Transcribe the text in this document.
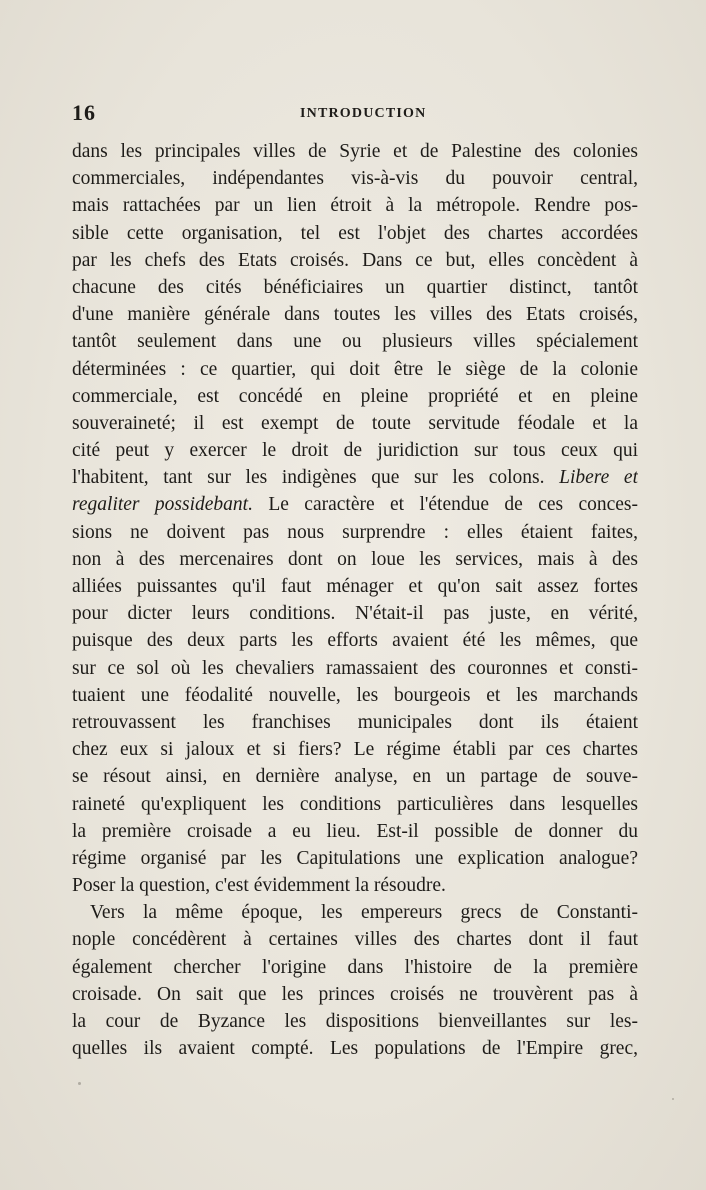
16	INTRODUCTION
dans les principales villes de Syrie et de Palestine des colonies
commerciales, indépendantes vis-à-vis du pouvoir central,
mais rattachées par un lien étroit à la métropole. Rendre pos-
sible cette organisation, tel est l'objet des chartes accordées
par les chefs des Etats croisés. Dans ce but, elles concèdent à
chacune des cités bénéficiaires un quartier distinct, tantôt
d'une manière générale dans toutes les villes des Etats croisés,
tantôt seulement dans une ou plusieurs villes spécialement
déterminées : ce quartier, qui doit être le siège de la colonie
commerciale, est concédé en pleine propriété et en pleine
souveraineté; il est exempt de toute servitude féodale et la
cité peut y exercer le droit de juridiction sur tous ceux qui
l'habitent, tant sur les indigènes que sur les colons. Libere et
regaliter possidebant. Le caractère et l'étendue de ces conces-
sions ne doivent pas nous surprendre : elles étaient faites,
non à des mercenaires dont on loue les services, mais à des
alliées puissantes qu'il faut ménager et qu'on sait assez fortes
pour dicter leurs conditions. N'était-il pas juste, en vérité,
puisque des deux parts les efforts avaient été les mêmes, que
sur ce sol où les chevaliers ramassaient des couronnes et consti-
tuaient une féodalité nouvelle, les bourgeois et les marchands
retrouvassent les franchises municipales dont ils étaient
chez eux si jaloux et si fiers? Le régime établi par ces chartes
se résout ainsi, en dernière analyse, en un partage de souve-
raineté qu'expliquent les conditions particulières dans lesquelles
la première croisade a eu lieu. Est-il possible de donner du
régime organisé par les Capitulations une explication analogue?
Poser la question, c'est évidemment la résoudre.
Vers la même époque, les empereurs grecs de Constanti-
nople concédèrent à certaines villes des chartes dont il faut
également chercher l'origine dans l'histoire de la première
croisade. On sait que les princes croisés ne trouvèrent pas à
la cour de Byzance les dispositions bienveillantes sur les-
quelles ils avaient compté. Les populations de l'Empire grec,
